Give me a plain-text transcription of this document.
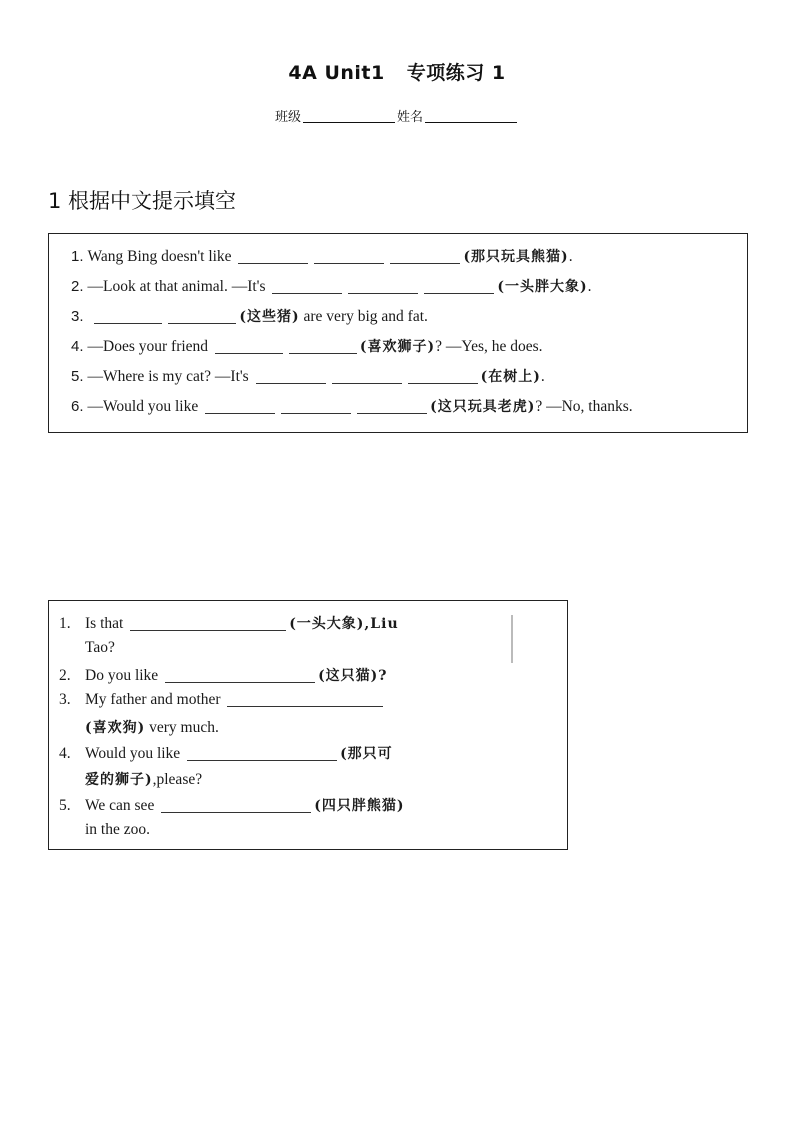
4A Unit1 专项练习 1
班级	姓名
1 根据中文提示填空
1. Wang Bing doesn't like	(那只玩具熊猫).
2. —Look at that animal. —It's	(一头胖大象).
3.	(这些猪) are very big and fat.
4. —Does your friend	(喜欢狮子)? —Yes, he does.
5. —Where is my cat? —It's	(在树上).
6. —Would you like	(这只玩具老虎)? —No, thanks.
1. Is that	(一头大象),Liu
Tao?
2. Do you like	(这只猫)?
3. My father and mother
(喜欢狗) very much.
4. Would you like	(那只可
爱的狮子),please?
5. We can see	(四只胖熊猫)
in the zoo.
